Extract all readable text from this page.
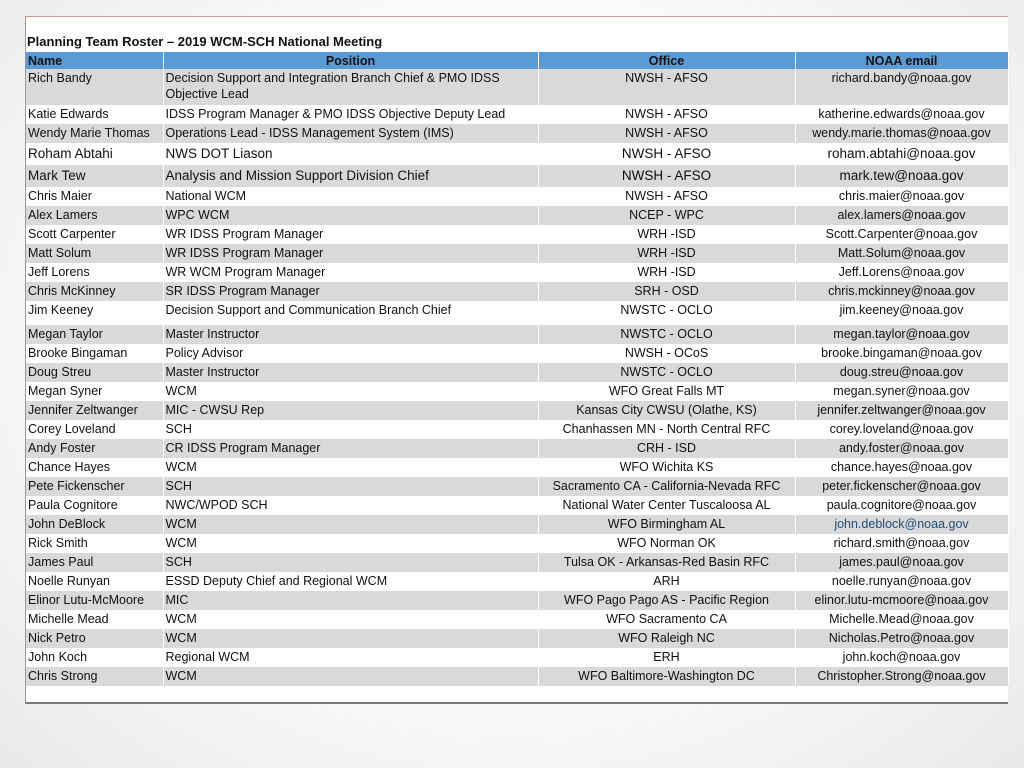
Planning Team Roster – 2019 WCM-SCH National Meeting
Name	Position	Office	NOAA email
Rich Bandy	Decision Support and Integration Branch Chief & PMO IDSS Objective Lead	NWSH - AFSO	richard.bandy@noaa.gov
Katie Edwards	IDSS Program Manager & PMO IDSS Objective Deputy Lead	NWSH - AFSO	katherine.edwards@noaa.gov
Wendy Marie Thomas	Operations Lead - IDSS Management System (IMS)	NWSH - AFSO	wendy.marie.thomas@noaa.gov
Roham Abtahi	NWS DOT Liason	NWSH - AFSO	roham.abtahi@noaa.gov
Mark Tew	Analysis and Mission Support Division Chief	NWSH - AFSO	mark.tew@noaa.gov
Chris Maier	National WCM	NWSH - AFSO	chris.maier@noaa.gov
Alex Lamers	WPC WCM	NCEP - WPC	alex.lamers@noaa.gov
Scott Carpenter	WR IDSS Program Manager	WRH -ISD	Scott.Carpenter@noaa.gov
Matt Solum	WR IDSS Program Manager	WRH -ISD	Matt.Solum@noaa.gov
Jeff Lorens	WR WCM Program Manager	WRH -ISD	Jeff.Lorens@noaa.gov
Chris McKinney	SR IDSS Program Manager	SRH - OSD	chris.mckinney@noaa.gov
Jim Keeney	Decision Support and Communication Branch Chief	NWSTC - OCLO	jim.keeney@noaa.gov
Megan Taylor	Master Instructor	NWSTC - OCLO	megan.taylor@noaa.gov
Brooke Bingaman	Policy Advisor	NWSH - OCoS	brooke.bingaman@noaa.gov
Doug Streu	Master Instructor	NWSTC - OCLO	doug.streu@noaa.gov
Megan Syner	WCM	WFO Great Falls MT	megan.syner@noaa.gov
Jennifer Zeltwanger	MIC - CWSU Rep	Kansas City CWSU (Olathe, KS)	jennifer.zeltwanger@noaa.gov
Corey Loveland	SCH	Chanhassen MN - North Central RFC	corey.loveland@noaa.gov
Andy Foster	CR IDSS Program Manager	CRH - ISD	andy.foster@noaa.gov
Chance Hayes	WCM	WFO Wichita KS	chance.hayes@noaa.gov
Pete Fickenscher	SCH	Sacramento CA - California-Nevada RFC	peter.fickenscher@noaa.gov
Paula Cognitore	NWC/WPOD SCH	National Water Center Tuscaloosa AL	paula.cognitore@noaa.gov
John DeBlock	WCM	WFO Birmingham AL	john.deblock@noaa.gov
Rick Smith	WCM	WFO Norman OK	richard.smith@noaa.gov
James Paul	SCH	Tulsa OK - Arkansas-Red Basin RFC	james.paul@noaa.gov
Noelle Runyan	ESSD Deputy Chief and Regional WCM	ARH	noelle.runyan@noaa.gov
Elinor Lutu-McMoore	MIC	WFO Pago Pago AS - Pacific Region	elinor.lutu-mcmoore@noaa.gov
Michelle Mead	WCM	WFO Sacramento CA	Michelle.Mead@noaa.gov
Nick Petro	WCM	WFO Raleigh NC	Nicholas.Petro@noaa.gov
John Koch	Regional WCM	ERH	john.koch@noaa.gov
Chris Strong	WCM	WFO Baltimore-Washington DC	Christopher.Strong@noaa.gov
